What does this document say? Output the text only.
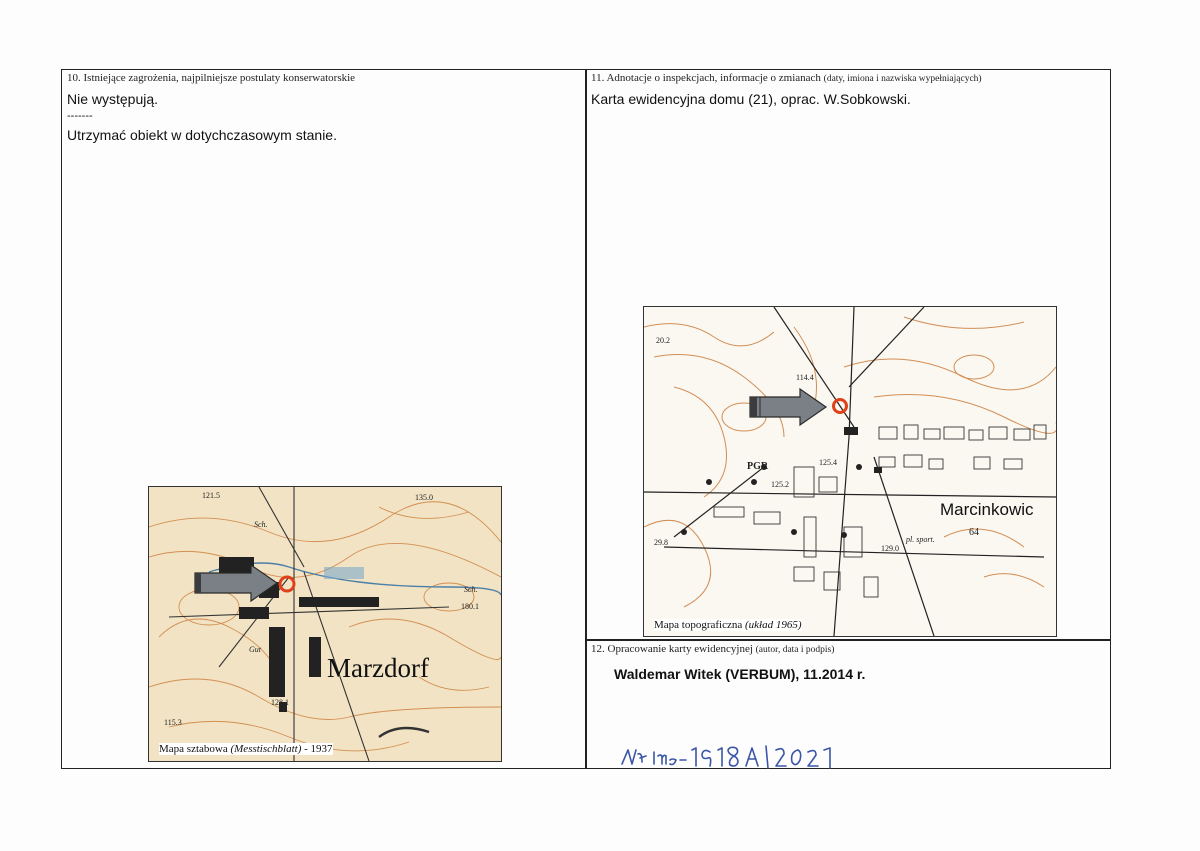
10. Istniejące zagrożenia, najpilniejsze postulaty konserwatorskie
Nie występują.
-------
Utrzymać obiekt w dotychczasowym stanie.
11. Adnotacje o inspekcjach, informacje o zmianach (daty, imiona i nazwiska wypełniających)
Karta ewidencyjna domu (21), oprac. W.Sobkowski.
121.5	135.0
Sch.
Sch.
180.1
Gut
128.1
115.3
Marzdorf
Mapa sztabowa (Messtischblatt) - 1937
20.2
114.4
PGR	125.4
125.2
64
29.8
129.0
pl. sport.
Marcinkowic
Mapa topograficzna (układ 1965)
12. Opracowanie karty ewidencyjnej (autor, data i podpis)
Waldemar Witek (VERBUM), 11.2014 r.
